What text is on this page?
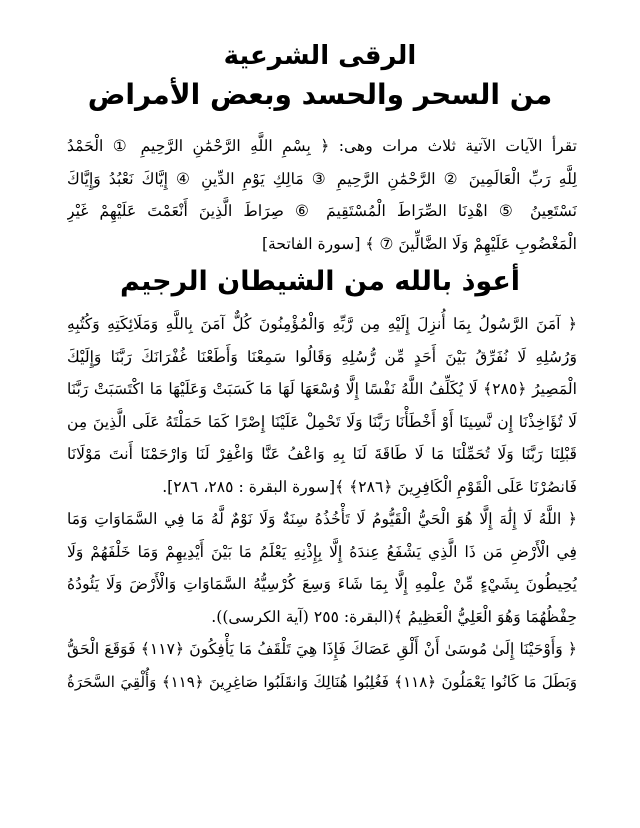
الرقى الشرعية
من السحر والحسد وبعض الأمراض
تقرأ الآيات الآتية ثلاث مرات وهى: ﴿ بِسْمِ اللَّهِ الرَّحْمَٰنِ الرَّحِيمِ ① الْحَمْدُ
لِلَّهِ رَبِّ الْعَالَمِينَ ② الرَّحْمَٰنِ الرَّحِيمِ ③ مَالِكِ يَوْمِ الدِّينِ ④ إِيَّاكَ نَعْبُدُ وَإِيَّاكَ
نَسْتَعِينُ ⑤ اهْدِنَا الصِّرَاطَ الْمُسْتَقِيمَ ⑥ صِرَاطَ الَّذِينَ أَنْعَمْتَ عَلَيْهِمْ غَيْرِ
الْمَغْضُوبِ عَلَيْهِمْ وَلَا الضَّالِّينَ ⑦ ﴾ [سورة الفاتحة]
أعوذ بالله من الشيطان الرجيم
﴿ آمَنَ الرَّسُولُ بِمَا أُنزِلَ إِلَيْهِ مِن رَّبِّهِ وَالْمُؤْمِنُونَ كُلٌّ آمَنَ بِاللَّهِ وَمَلَائِكَتِهِ وَكُتُبِهِ
وَرُسُلِهِ لَا نُفَرِّقُ بَيْنَ أَحَدٍ مِّن رُّسُلِهِ وَقَالُوا سَمِعْنَا وَأَطَعْنَا غُفْرَانَكَ رَبَّنَا وَإِلَيْكَ
الْمَصِيرُ ﴿٢٨٥﴾ لَا يُكَلِّفُ اللَّهُ نَفْسًا إِلَّا وُسْعَهَا لَهَا مَا كَسَبَتْ وَعَلَيْهَا مَا اكْتَسَبَتْ رَبَّنَا
لَا تُؤَاخِذْنَا إِن نَّسِينَا أَوْ أَخْطَأْنَا رَبَّنَا وَلَا تَحْمِلْ عَلَيْنَا إِصْرًا كَمَا حَمَلْتَهُ عَلَى الَّذِينَ مِن
قَبْلِنَا رَبَّنَا وَلَا تُحَمِّلْنَا مَا لَا طَاقَةَ لَنَا بِهِ وَاعْفُ عَنَّا وَاغْفِرْ لَنَا وَارْحَمْنَا أَنتَ مَوْلَانَا
فَانصُرْنَا عَلَى الْقَوْمِ الْكَافِرِينَ ﴿٢٨٦﴾ ﴾[سورة البقرة : ٢٨٥، ٢٨٦].
﴿ اللَّهُ لَا إِلَٰهَ إِلَّا هُوَ الْحَيُّ الْقَيُّومُ لَا تَأْخُذُهُ سِنَةٌ وَلَا نَوْمٌ لَّهُ مَا فِي السَّمَاوَاتِ وَمَا
فِي الْأَرْضِ مَن ذَا الَّذِي يَشْفَعُ عِندَهُ إِلَّا بِإِذْنِهِ يَعْلَمُ مَا بَيْنَ أَيْدِيهِمْ وَمَا خَلْفَهُمْ وَلَا
يُحِيطُونَ بِشَيْءٍ مِّنْ عِلْمِهِ إِلَّا بِمَا شَاءَ وَسِعَ كُرْسِيُّهُ السَّمَاوَاتِ وَالْأَرْضَ وَلَا يَئُودُهُ
حِفْظُهُمَا وَهُوَ الْعَلِيُّ الْعَظِيمُ ﴾(البقرة: ٢٥٥ (آية الكرسى)).
﴿ وَأَوْحَيْنَا إِلَىٰ مُوسَىٰ أَنْ أَلْقِ عَصَاكَ فَإِذَا هِيَ تَلْقَفُ مَا يَأْفِكُونَ ﴿١١٧﴾ فَوَقَعَ الْحَقُّ
وَبَطَلَ مَا كَانُوا يَعْمَلُونَ ﴿١١٨﴾ فَغُلِبُوا هُنَالِكَ وَانقَلَبُوا صَاغِرِينَ ﴿١١٩﴾ وَأُلْقِيَ السَّحَرَةُ
